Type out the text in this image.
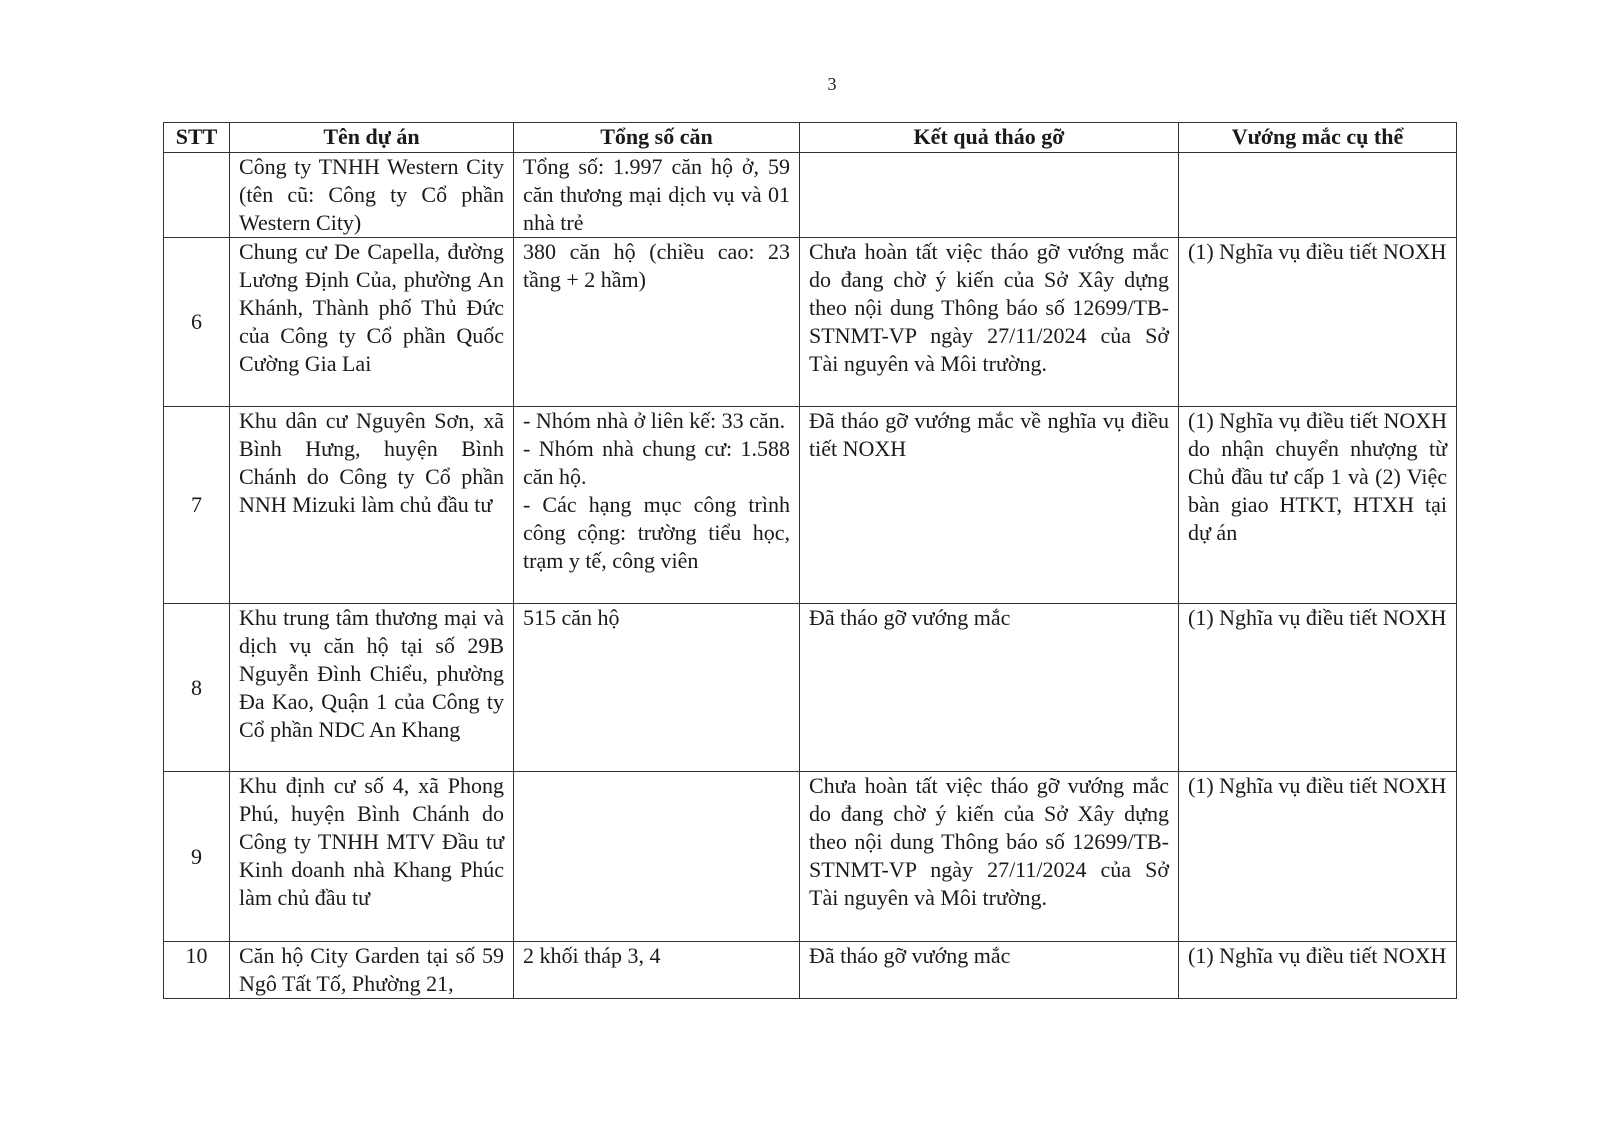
3
STT	Tên dự án	Tổng số căn	Kết quả tháo gỡ	Vướng mắc cụ thể

	Công ty TNHH Western City (tên cũ: Công ty Cổ phần Western City)	Tổng số: 1.997 căn hộ ở, 59 căn thương mại dịch vụ và 01 nhà trẻ		

6	Chung cư De Capella, đường Lương Định Của, phường An Khánh, Thành phố Thủ Đức của Công ty Cổ phần Quốc Cường Gia Lai	380 căn hộ (chiều cao: 23 tầng + 2 hầm)	Chưa hoàn tất việc tháo gỡ vướng mắc do đang chờ ý kiến của Sở Xây dựng theo nội dung Thông báo số 12699/TB-STNMT-VP ngày 27/11/2024 của Sở Tài nguyên và Môi trường.	(1) Nghĩa vụ điều tiết NOXH

7	Khu dân cư Nguyên Sơn, xã Bình Hưng, huyện Bình Chánh do Công ty Cổ phần NNH Mizuki làm chủ đầu tư	- Nhóm nhà ở liên kế: 33 căn.
- Nhóm nhà chung cư: 1.588 căn hộ.
- Các hạng mục công trình công cộng: trường tiểu học, trạm y tế, công viên	Đã tháo gỡ vướng mắc về nghĩa vụ điều tiết NOXH	(1) Nghĩa vụ điều tiết NOXH do nhận chuyển nhượng từ Chủ đầu tư cấp 1 và (2) Việc bàn giao HTKT, HTXH tại dự án

8	Khu trung tâm thương mại và dịch vụ căn hộ tại số 29B Nguyễn Đình Chiểu, phường Đa Kao, Quận 1 của Công ty Cổ phần NDC An Khang	515 căn hộ	Đã tháo gỡ vướng mắc	(1) Nghĩa vụ điều tiết NOXH

9	Khu định cư số 4, xã Phong Phú, huyện Bình Chánh do Công ty TNHH MTV Đầu tư Kinh doanh nhà Khang Phúc làm chủ đầu tư		Chưa hoàn tất việc tháo gỡ vướng mắc do đang chờ ý kiến của Sở Xây dựng theo nội dung Thông báo số 12699/TB-STNMT-VP ngày 27/11/2024 của Sở Tài nguyên và Môi trường.	(1) Nghĩa vụ điều tiết NOXH

10	Căn hộ City Garden tại số 59 Ngô Tất Tố, Phường 21,	2 khối tháp 3, 4	Đã tháo gỡ vướng mắc	(1) Nghĩa vụ điều tiết NOXH
